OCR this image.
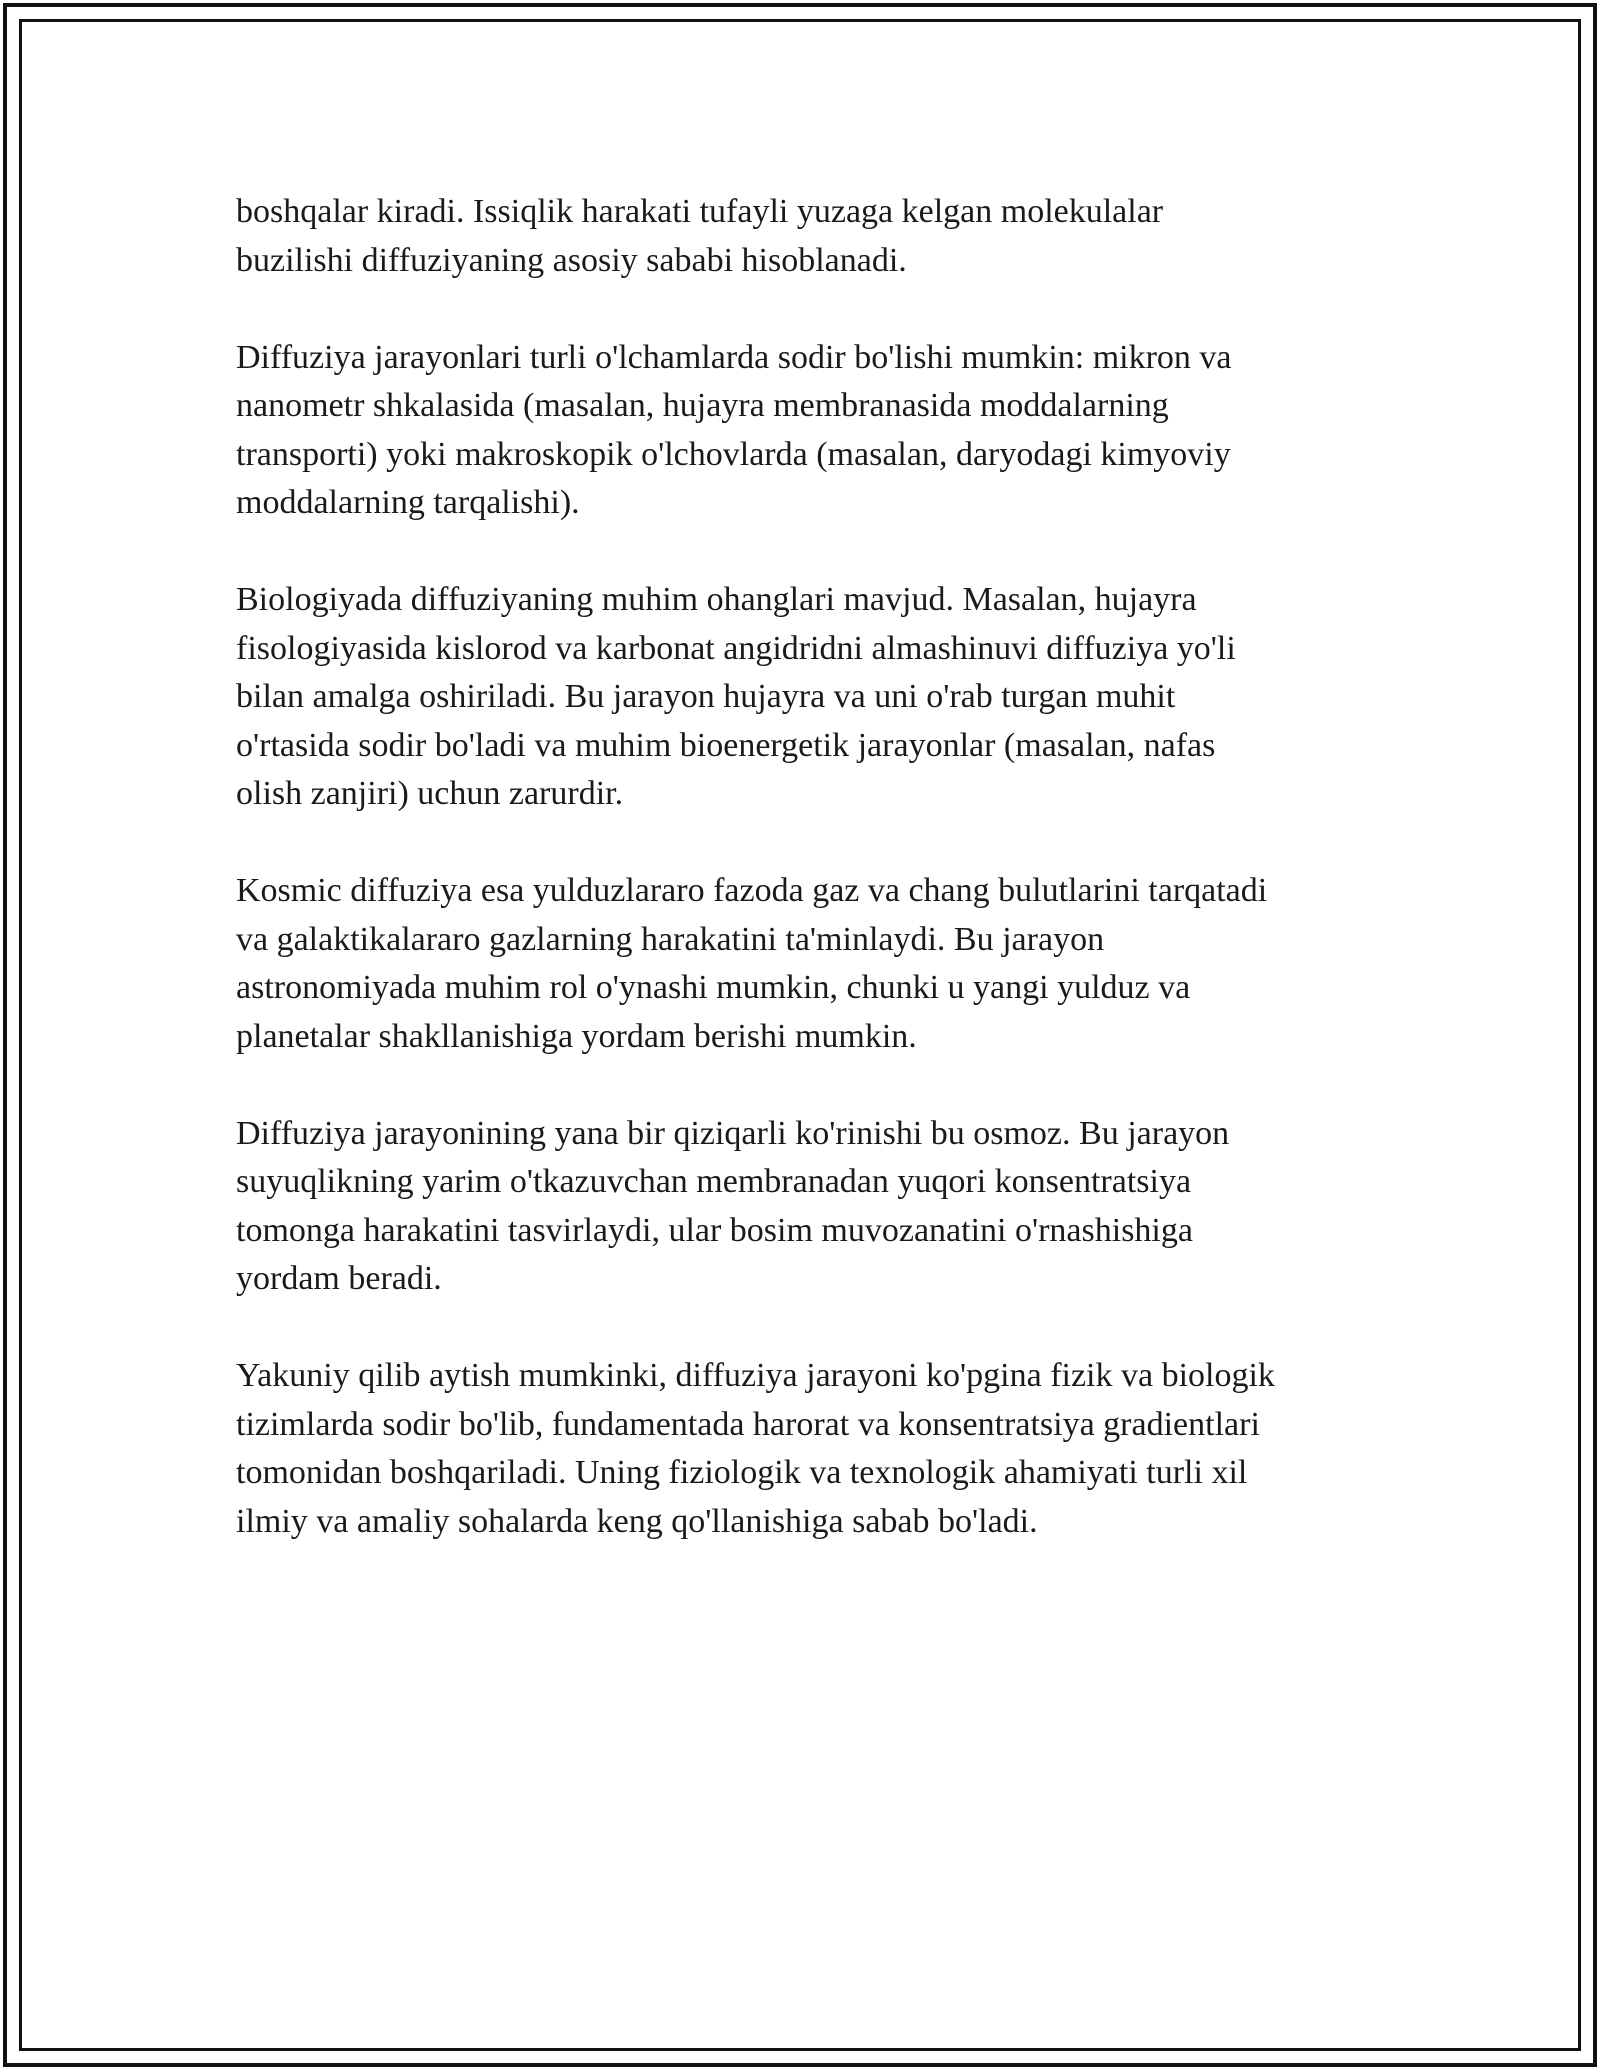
boshqalar kiradi. Issiqlik harakati tufayli yuzaga kelgan molekulalar
buzilishi diffuziyaning asosiy sababi hisoblanadi.

Diffuziya jarayonlari turli o'lchamlarda sodir bo'lishi mumkin: mikron va
nanometr shkalasida (masalan, hujayra membranasida moddalarning
transporti) yoki makroskopik o'lchovlarda (masalan, daryodagi kimyoviy
moddalarning tarqalishi).

Biologiyada diffuziyaning muhim ohanglari mavjud. Masalan, hujayra
fisologiyasida kislorod va karbonat angidridni almashinuvi diffuziya yo'li
bilan amalga oshiriladi. Bu jarayon hujayra va uni o'rab turgan muhit
o'rtasida sodir bo'ladi va muhim bioenergetik jarayonlar (masalan, nafas
olish zanjiri) uchun zarurdir.

Kosmic diffuziya esa yulduzlararo fazoda gaz va chang bulutlarini tarqatadi
va galaktikalararo gazlarning harakatini ta'minlaydi. Bu jarayon
astronomiyada muhim rol o'ynashi mumkin, chunki u yangi yulduz va
planetalar shakllanishiga yordam berishi mumkin.

Diffuziya jarayonining yana bir qiziqarli ko'rinishi bu osmoz. Bu jarayon
suyuqlikning yarim o'tkazuvchan membranadan yuqori konsentratsiya
tomonga harakatini tasvirlaydi, ular bosim muvozanatini o'rnashishiga
yordam beradi.

Yakuniy qilib aytish mumkinki, diffuziya jarayoni ko'pgina fizik va biologik
tizimlarda sodir bo'lib, fundamentada harorat va konsentratsiya gradientlari
tomonidan boshqariladi. Uning fiziologik va texnologik ahamiyati turli xil
ilmiy va amaliy sohalarda keng qo'llanishiga sabab bo'ladi.
